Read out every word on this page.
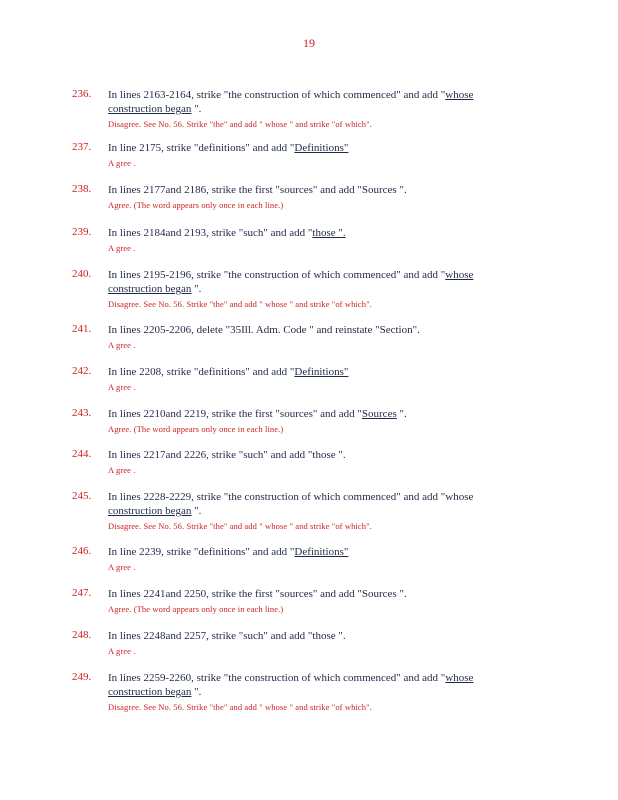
19
236. In lines 2163-2164, strike "the construction of which commenced" and add "whose
construction began ".
Disagree. See No. 56. Strike "the" and add " whose " and strike "of which".
237. In line 2175, strike "definitions" and add "Definitions"
A gree .
238. In lines 2177and 2186, strike the first "sources" and add "Sources ".
Agree. (The word appears only once in each line.)
239. In lines 2184and 2193, strike "such" and add "those ".
A gree .
240. In lines 2195-2196, strike "the construction of which commenced" and add "whose
construction began ".
Disagree. See No. 56. Strike "the" and add " whose " and strike "of which".
241. In lines 2205-2206, delete "35Ill. Adm. Code " and reinstate "Section".
A gree .
242. In line 2208, strike "definitions" and add "Definitions"
A gree .
243. In lines 2210and 2219, strike the first "sources" and add "Sources ".
Agree. (The word appears only once in each line.)
244. In lines 2217and 2226, strike "such" and add "those ".
A gree .
245. In lines 2228-2229, strike "the construction of which commenced" and add "whose
construction began ".
Disagree. See No. 56. Strike "the" and add " whose " and strike "of which".
246. In line 2239, strike "definitions" and add "Definitions"
A gree .
247. In lines 2241and 2250, strike the first "sources" and add "Sources ".
Agree. (The word appears only once in each line.)
248. In lines 2248and 2257, strike "such" and add "those ".
A gree .
249. In lines 2259-2260, strike "the construction of which commenced" and add "whose
construction began ".
Disagree. See No. 56. Strike "the" and add " whose " and strike "of which".
